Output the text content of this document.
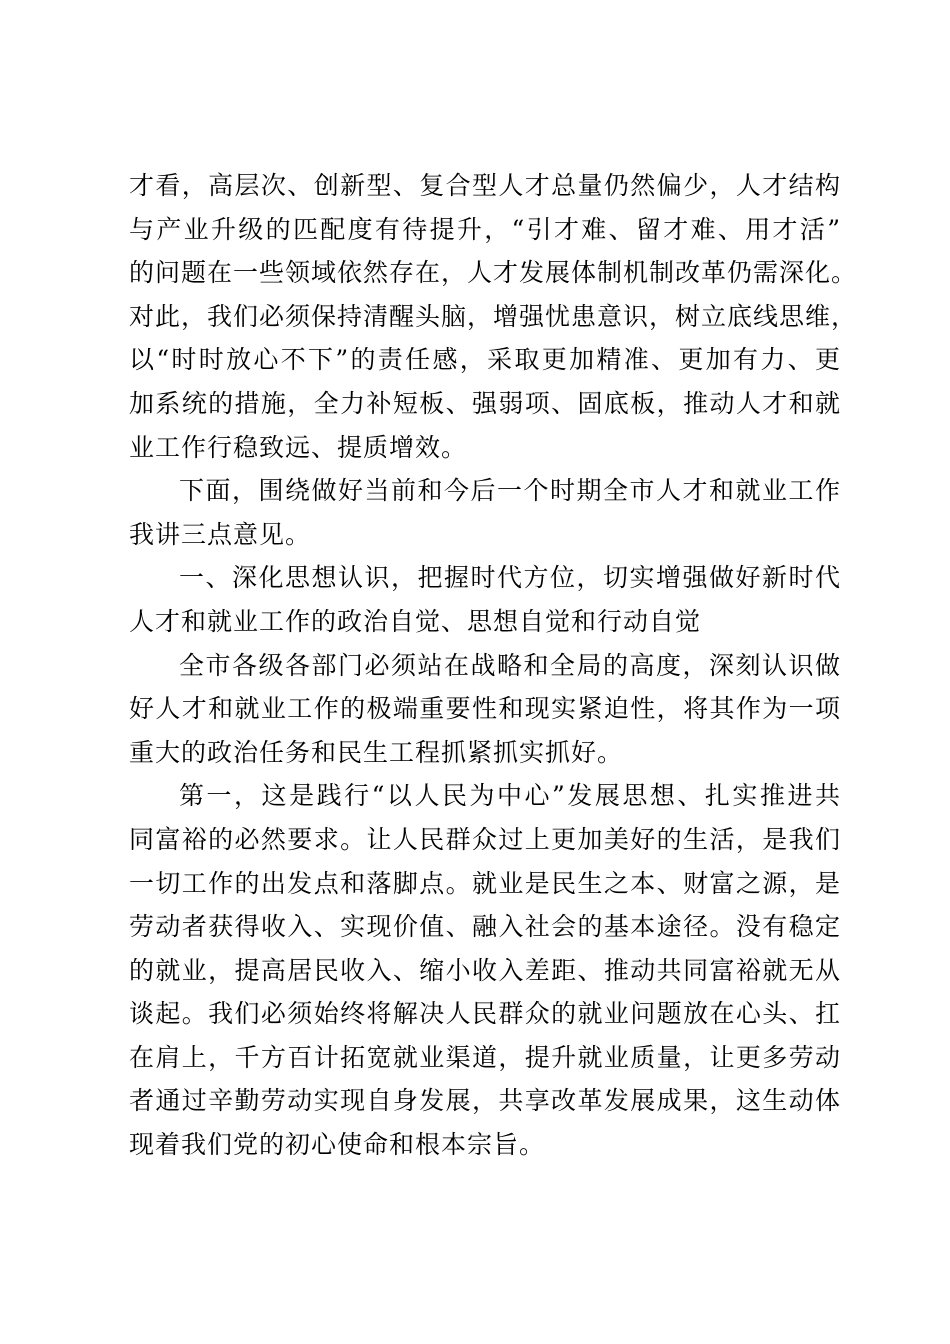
才看，高层次、创新型、复合型人才总量仍然偏少，人才结构
与产业升级的匹配度有待提升，“引才难、留才难、用才活”
的问题在一些领域依然存在，人才发展体制机制改革仍需深化。
对此，我们必须保持清醒头脑，增强忧患意识，树立底线思维，
以“时时放心不下”的责任感，采取更加精准、更加有力、更
加系统的措施，全力补短板、强弱项、固底板，推动人才和就
业工作行稳致远、提质增效。
下面，围绕做好当前和今后一个时期全市人才和就业工作
我讲三点意见。
一、深化思想认识，把握时代方位，切实增强做好新时代
人才和就业工作的政治自觉、思想自觉和行动自觉
全市各级各部门必须站在战略和全局的高度，深刻认识做
好人才和就业工作的极端重要性和现实紧迫性，将其作为一项
重大的政治任务和民生工程抓紧抓实抓好。
第一，这是践行“以人民为中心”发展思想、扎实推进共
同富裕的必然要求。让人民群众过上更加美好的生活，是我们
一切工作的出发点和落脚点。就业是民生之本、财富之源，是
劳动者获得收入、实现价值、融入社会的基本途径。没有稳定
的就业，提高居民收入、缩小收入差距、推动共同富裕就无从
谈起。我们必须始终将解决人民群众的就业问题放在心头、扛
在肩上，千方百计拓宽就业渠道，提升就业质量，让更多劳动
者通过辛勤劳动实现自身发展，共享改革发展成果，这生动体
现着我们党的初心使命和根本宗旨。
